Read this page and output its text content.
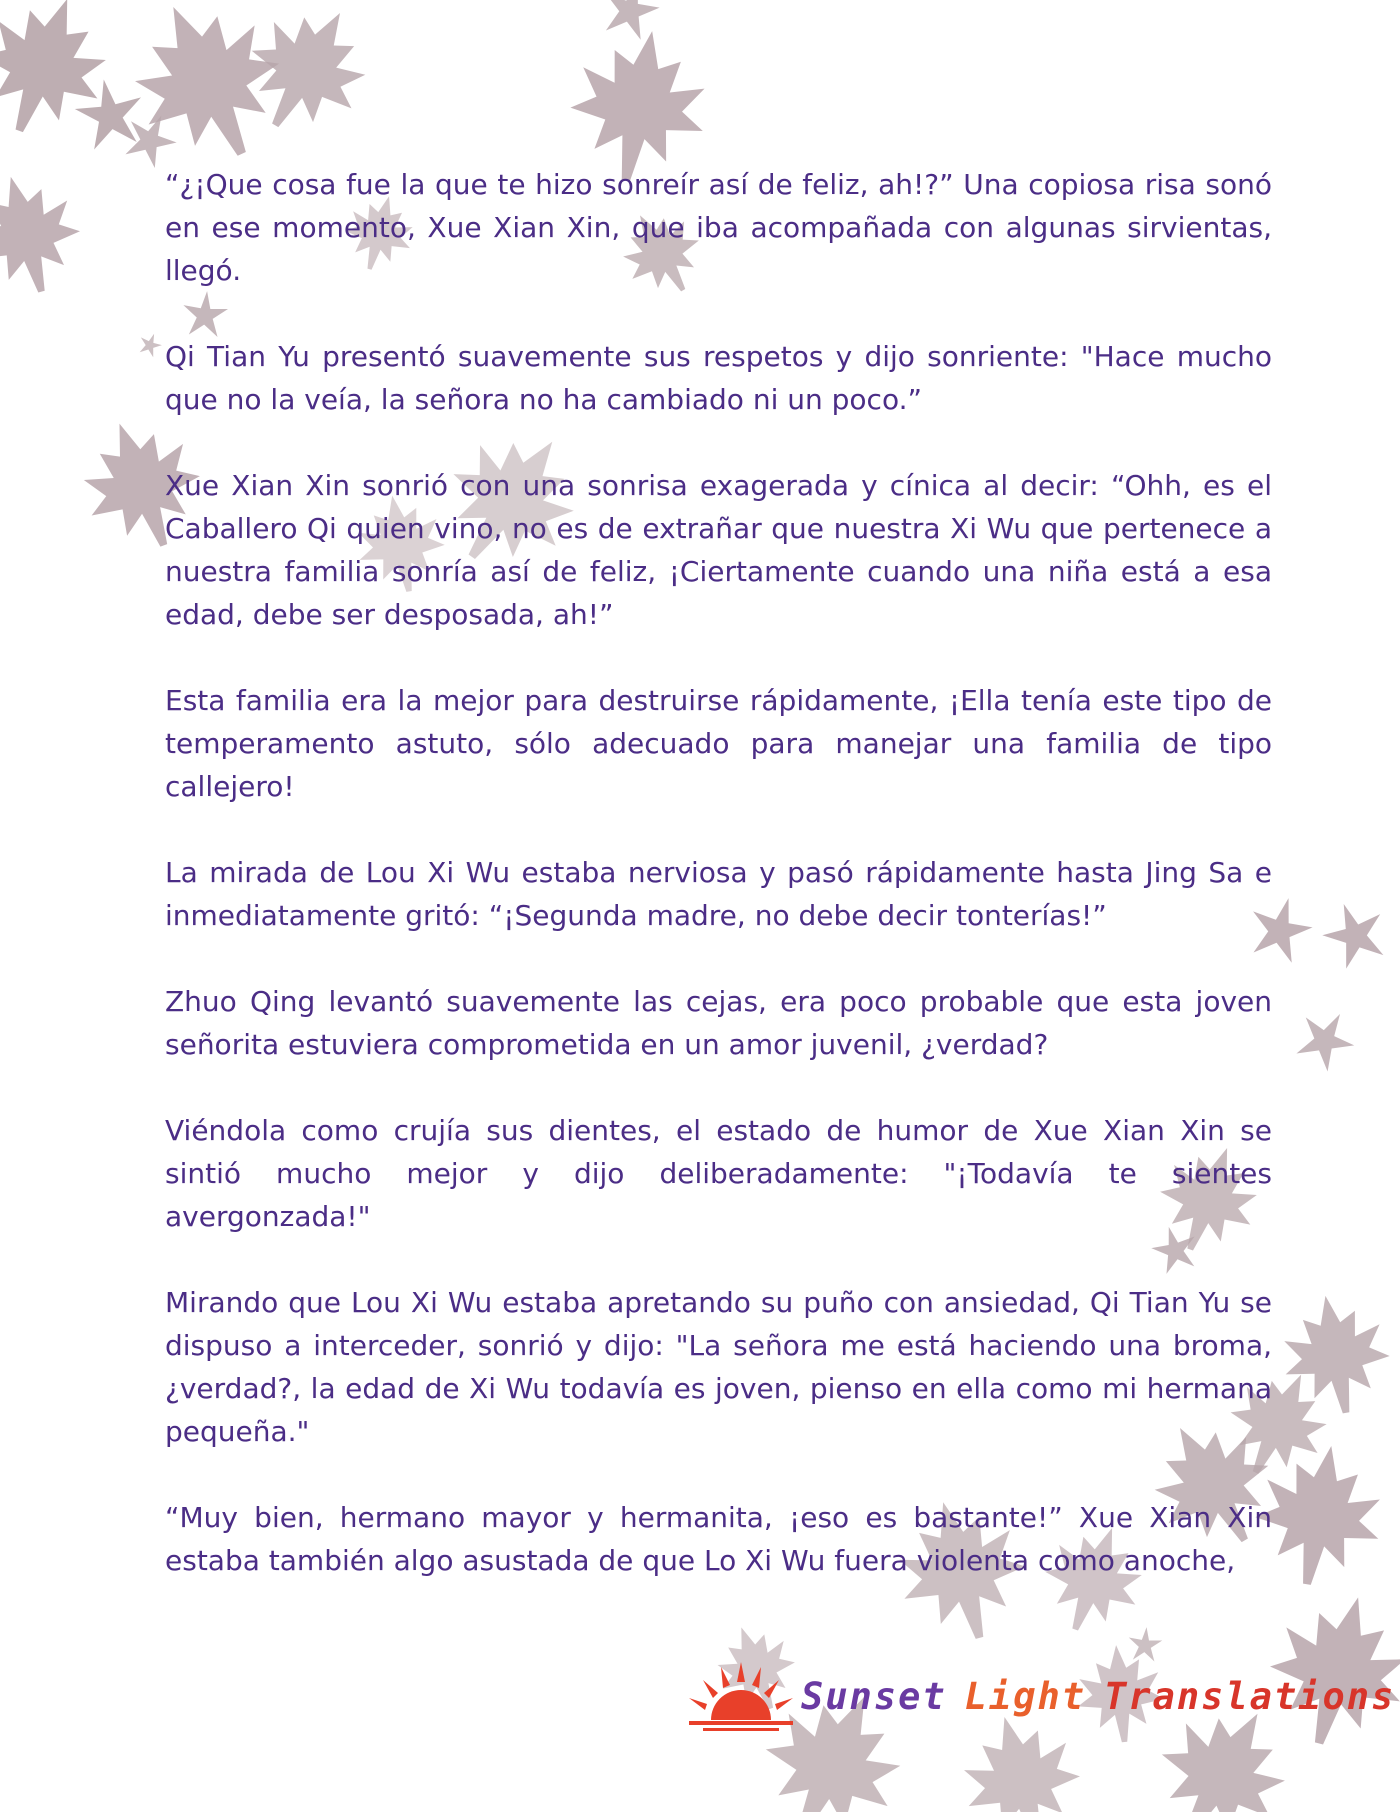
“¿¡Que cosa fue la que te hizo sonreír así de feliz, ah!?” Una copiosa risa sonó en ese momento, Xue Xian Xin, que iba acompañada con algunas sirvientas, llegó.

Qi Tian Yu presentó suavemente sus respetos y dijo sonriente: "Hace mucho que no la veía, la señora no ha cambiado ni un poco.”

Xue Xian Xin sonrió con una sonrisa exagerada y cínica al decir: “Ohh, es el Caballero Qi quien vino, no es de extrañar que nuestra Xi Wu que pertenece a nuestra familia sonría así de feliz, ¡Ciertamente cuando una niña está a esa edad, debe ser desposada, ah!”

Esta familia era la mejor para destruirse rápidamente, ¡Ella tenía este tipo de temperamento astuto, sólo adecuado para manejar una familia de tipo callejero!

La mirada de Lou Xi Wu estaba nerviosa y pasó rápidamente hasta Jing Sa e inmediatamente gritó: “¡Segunda madre, no debe decir tonterías!”

Zhuo Qing levantó suavemente las cejas, era poco probable que esta joven señorita estuviera comprometida en un amor juvenil, ¿verdad?

Viéndola como crujía sus dientes, el estado de humor de Xue Xian Xin se sintió mucho mejor y dijo deliberadamente: "¡Todavía te sientes avergonzada!"

Mirando que Lou Xi Wu estaba apretando su puño con ansiedad, Qi Tian Yu se dispuso a interceder, sonrió y dijo: "La señora me está haciendo una broma, ¿verdad?, la edad de Xi Wu todavía es joven, pienso en ella como mi hermana pequeña."

“Muy bien, hermano mayor y hermanita, ¡eso es bastante!” Xue Xian Xin estaba también algo asustada de que Lo Xi Wu fuera violenta como anoche,

Sunset Light Translations
